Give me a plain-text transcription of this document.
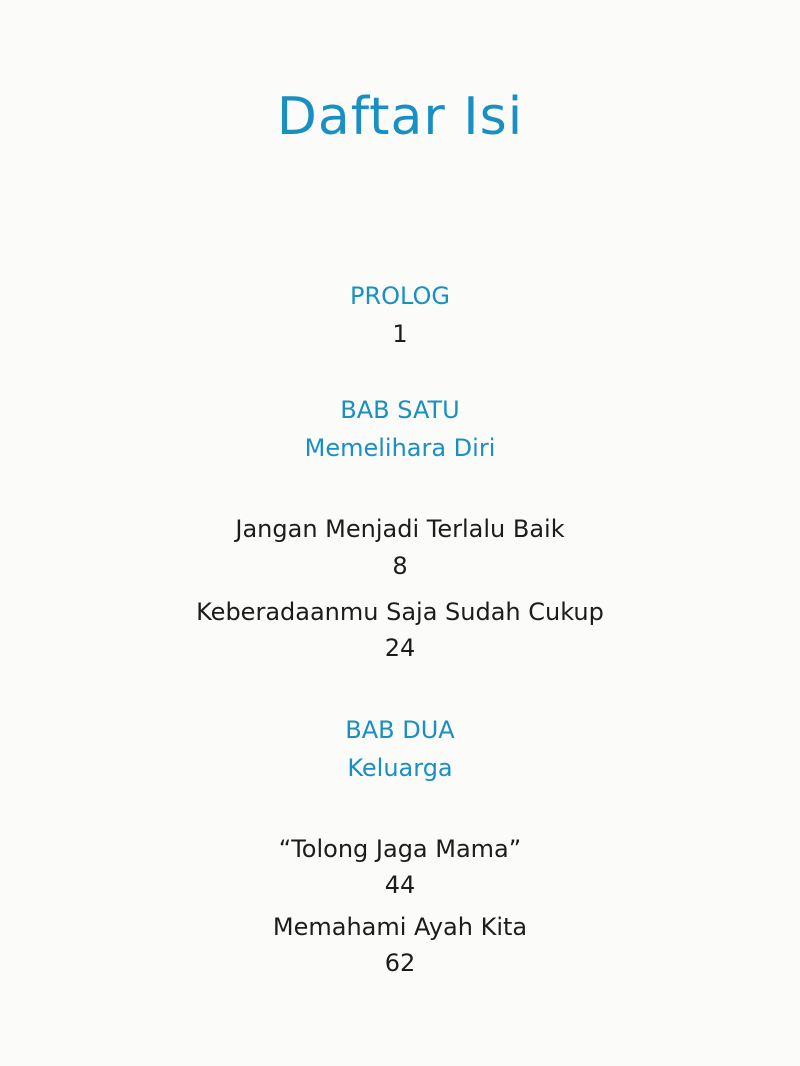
Daftar Isi

PROLOG

1

BAB SATU

Memelihara Diri

Jangan Menjadi Terlalu Baik

8

Keberadaanmu Saja Sudah Cukup

24

BAB DUA

Keluarga

“Tolong Jaga Mama”

44

Memahami Ayah Kita

62
